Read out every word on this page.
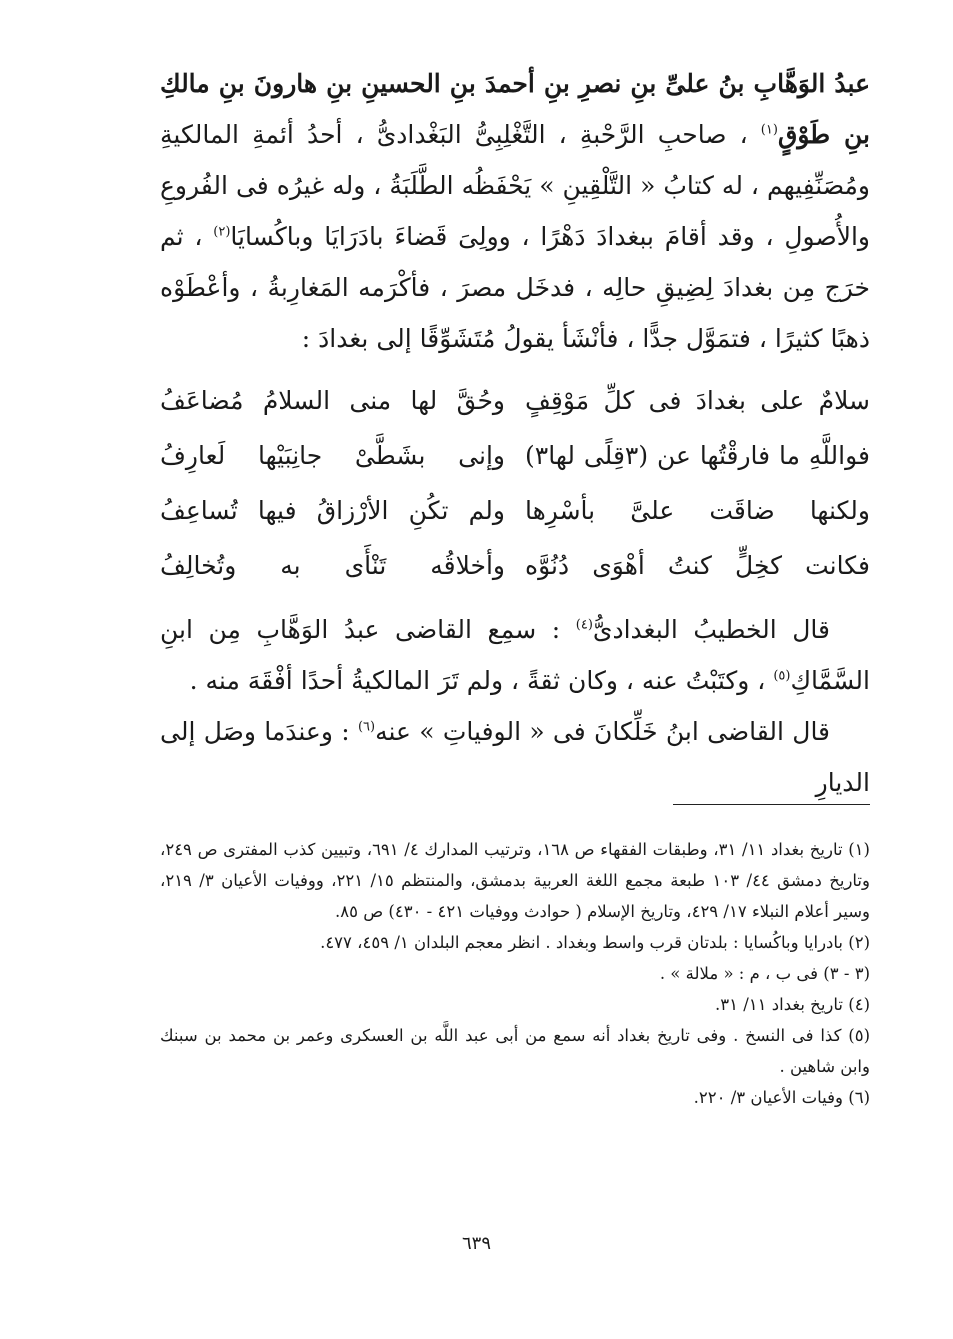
عبدُ الوَهَّابِ بنُ علىِّ بنِ نصرِ بنِ أحمدَ بنِ الحسينِ بنِ هارونَ بنِ مالكِ بنِ طَوْقٍ$^{(١)}$ ، صاحبِ الرَّحْبةِ ، التَّغْلِبِىُّ البَغْدادىُّ ، أحدُ أئمةِ المالكيةِ ومُصَنِّفِيهم ، له كتابُ « التَّلْقِينِ » يَحْفَظُه الطَّلَبَةُ ، وله غيرُه فى الفُروعِ والأُصولِ ، وقد أقامَ ببغدادَ دَهْرًا ، وولِىَ قَضاءَ بادَرَايَا وباكُسايَا$^{(٢)}$ ، ثم خرَج مِن بغدادَ لِضِيقِ حالِه ، فدخَل مصرَ ، فأكْرَمه المَغارِبةُ ، وأعْطَوْه ذهبًا كثيرًا ، فتمَوَّل جدًّا ، فأنْشَأ يقولُ مُتَشَوِّقًا إلى بغدادَ :

سلامٌ على بغدادَ فى كلِّ مَوْقِفٍ
وحُقَّ لها منى السلامُ مُضاعَفُ
فواللَّهِ ما فارقْتُها عن (٣قِلًى لها٣)
وإنى بشَطَّىْ جانِبَيْها لَعارِفُ
ولكنها ضاقَت علىَّ بأسْرِها
ولم تكُنِ الأرْزاقُ فيها تُساعِفُ
فكانت كخِلٍّ كنتُ أهْوَى دُنُوَّه
وأخلاقُه تَنْأَى به وتُخالِفُ

قال الخطيبُ البغدادىُّ$^{(٤)}$ : سمِع القاضى عبدُ الوَهَّابِ مِن ابنِ السَّمَّاكِ$^{(٥)}$ ، وكتَبْتُ عنه ، وكان ثقةً ، ولم تَرَ المالكيةُ أحدًا أفْقَهَ منه .

قال القاضى ابنُ خَلِّكانَ فى « الوفياتِ » عنه$^{(٦)}$ : وعندَما وصَل إلى الديارِ

(١) تاريخ بغداد ١١/ ٣١، وطبقات الفقهاء ص ١٦٨، وترتيب المدارك ٤/ ٦٩١، وتبيين كذب المفترى ص ٢٤٩، وتاريخ دمشق ٤٤/ ١٠٣ طبعة مجمع اللغة العربية بدمشق، والمنتظم ١٥/ ٢٢١، ووفيات الأعيان ٣/ ٢١٩، وسير أعلام النبلاء ١٧/ ٤٢٩، وتاريخ الإسلام ( حوادث ووفيات ٤٢١ - ٤٣٠) ص ٨٥.

(٢) بادرايا وباكُسايا : بلدتان قرب واسط وبغداد . انظر معجم البلدان ١/ ٤٥٩، ٤٧٧.

(٣ - ٣) فى ب ، م : « ملالة » .

(٤) تاريخ بغداد ١١/ ٣١.

(٥) كذا فى النسخ . وفى تاريخ بغداد أنه سمع من أبى عبد اللَّه بن العسكرى وعمر بن محمد بن سبنك وابن شاهين .

(٦) وفيات الأعيان ٣/ ٢٢٠.

٦٣٩
